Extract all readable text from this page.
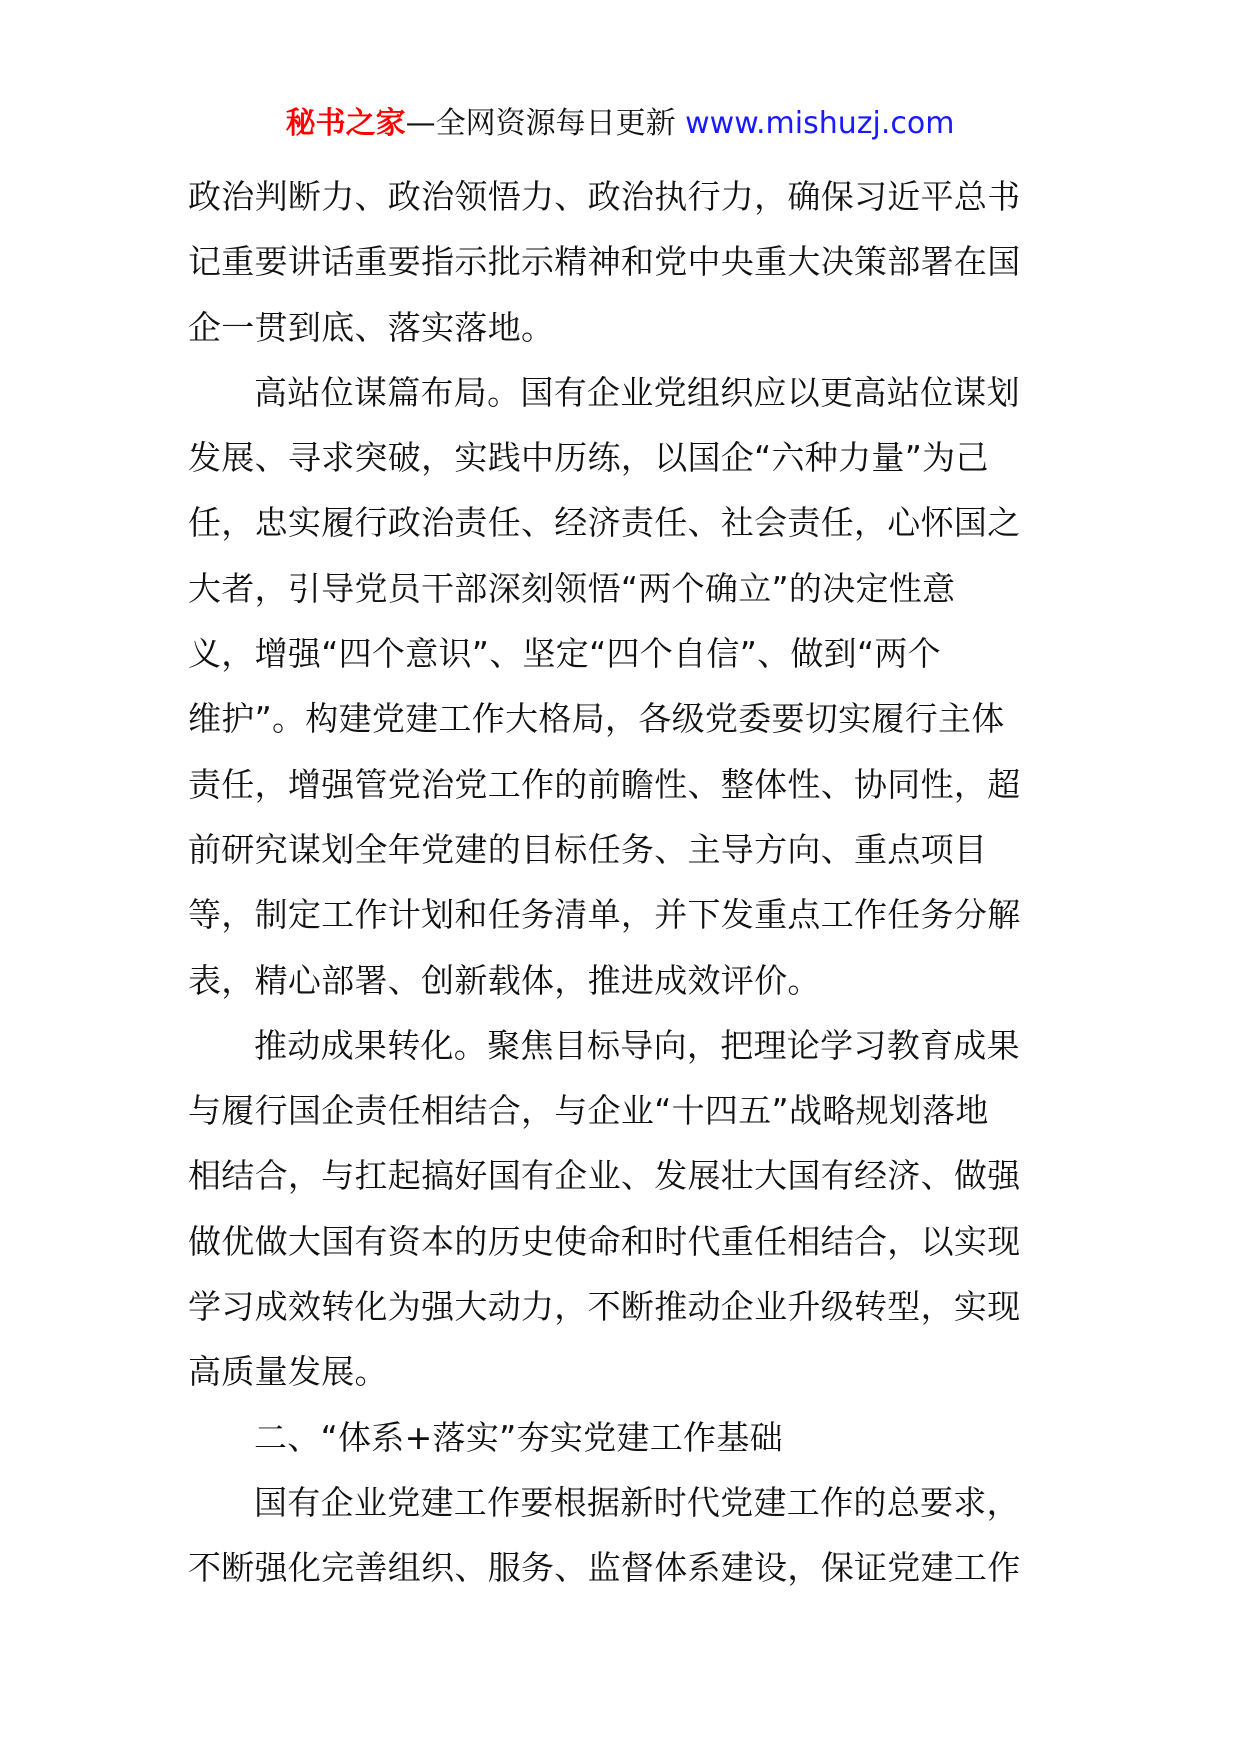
秘书之家—全网资源每日更新 www.mishuzj.com
政治判断力、政治领悟力、政治执行力，确保习近平总书
记重要讲话重要指示批示精神和党中央重大决策部署在国
企一贯到底、落实落地。
高站位谋篇布局。国有企业党组织应以更高站位谋划
发展、寻求突破，实践中历练，以国企“六种力量”为己
任，忠实履行政治责任、经济责任、社会责任，心怀国之
大者，引导党员干部深刻领悟“两个确立”的决定性意
义，增强“四个意识”、坚定“四个自信”、做到“两个
维护”。构建党建工作大格局，各级党委要切实履行主体
责任，增强管党治党工作的前瞻性、整体性、协同性，超
前研究谋划全年党建的目标任务、主导方向、重点项目
等，制定工作计划和任务清单，并下发重点工作任务分解
表，精心部署、创新载体，推进成效评价。
推动成果转化。聚焦目标导向，把理论学习教育成果
与履行国企责任相结合，与企业“十四五”战略规划落地
相结合，与扛起搞好国有企业、发展壮大国有经济、做强
做优做大国有资本的历史使命和时代重任相结合，以实现
学习成效转化为强大动力，不断推动企业升级转型，实现
高质量发展。
二、“体系+落实”夯实党建工作基础
国有企业党建工作要根据新时代党建工作的总要求，
不断强化完善组织、服务、监督体系建设，保证党建工作
